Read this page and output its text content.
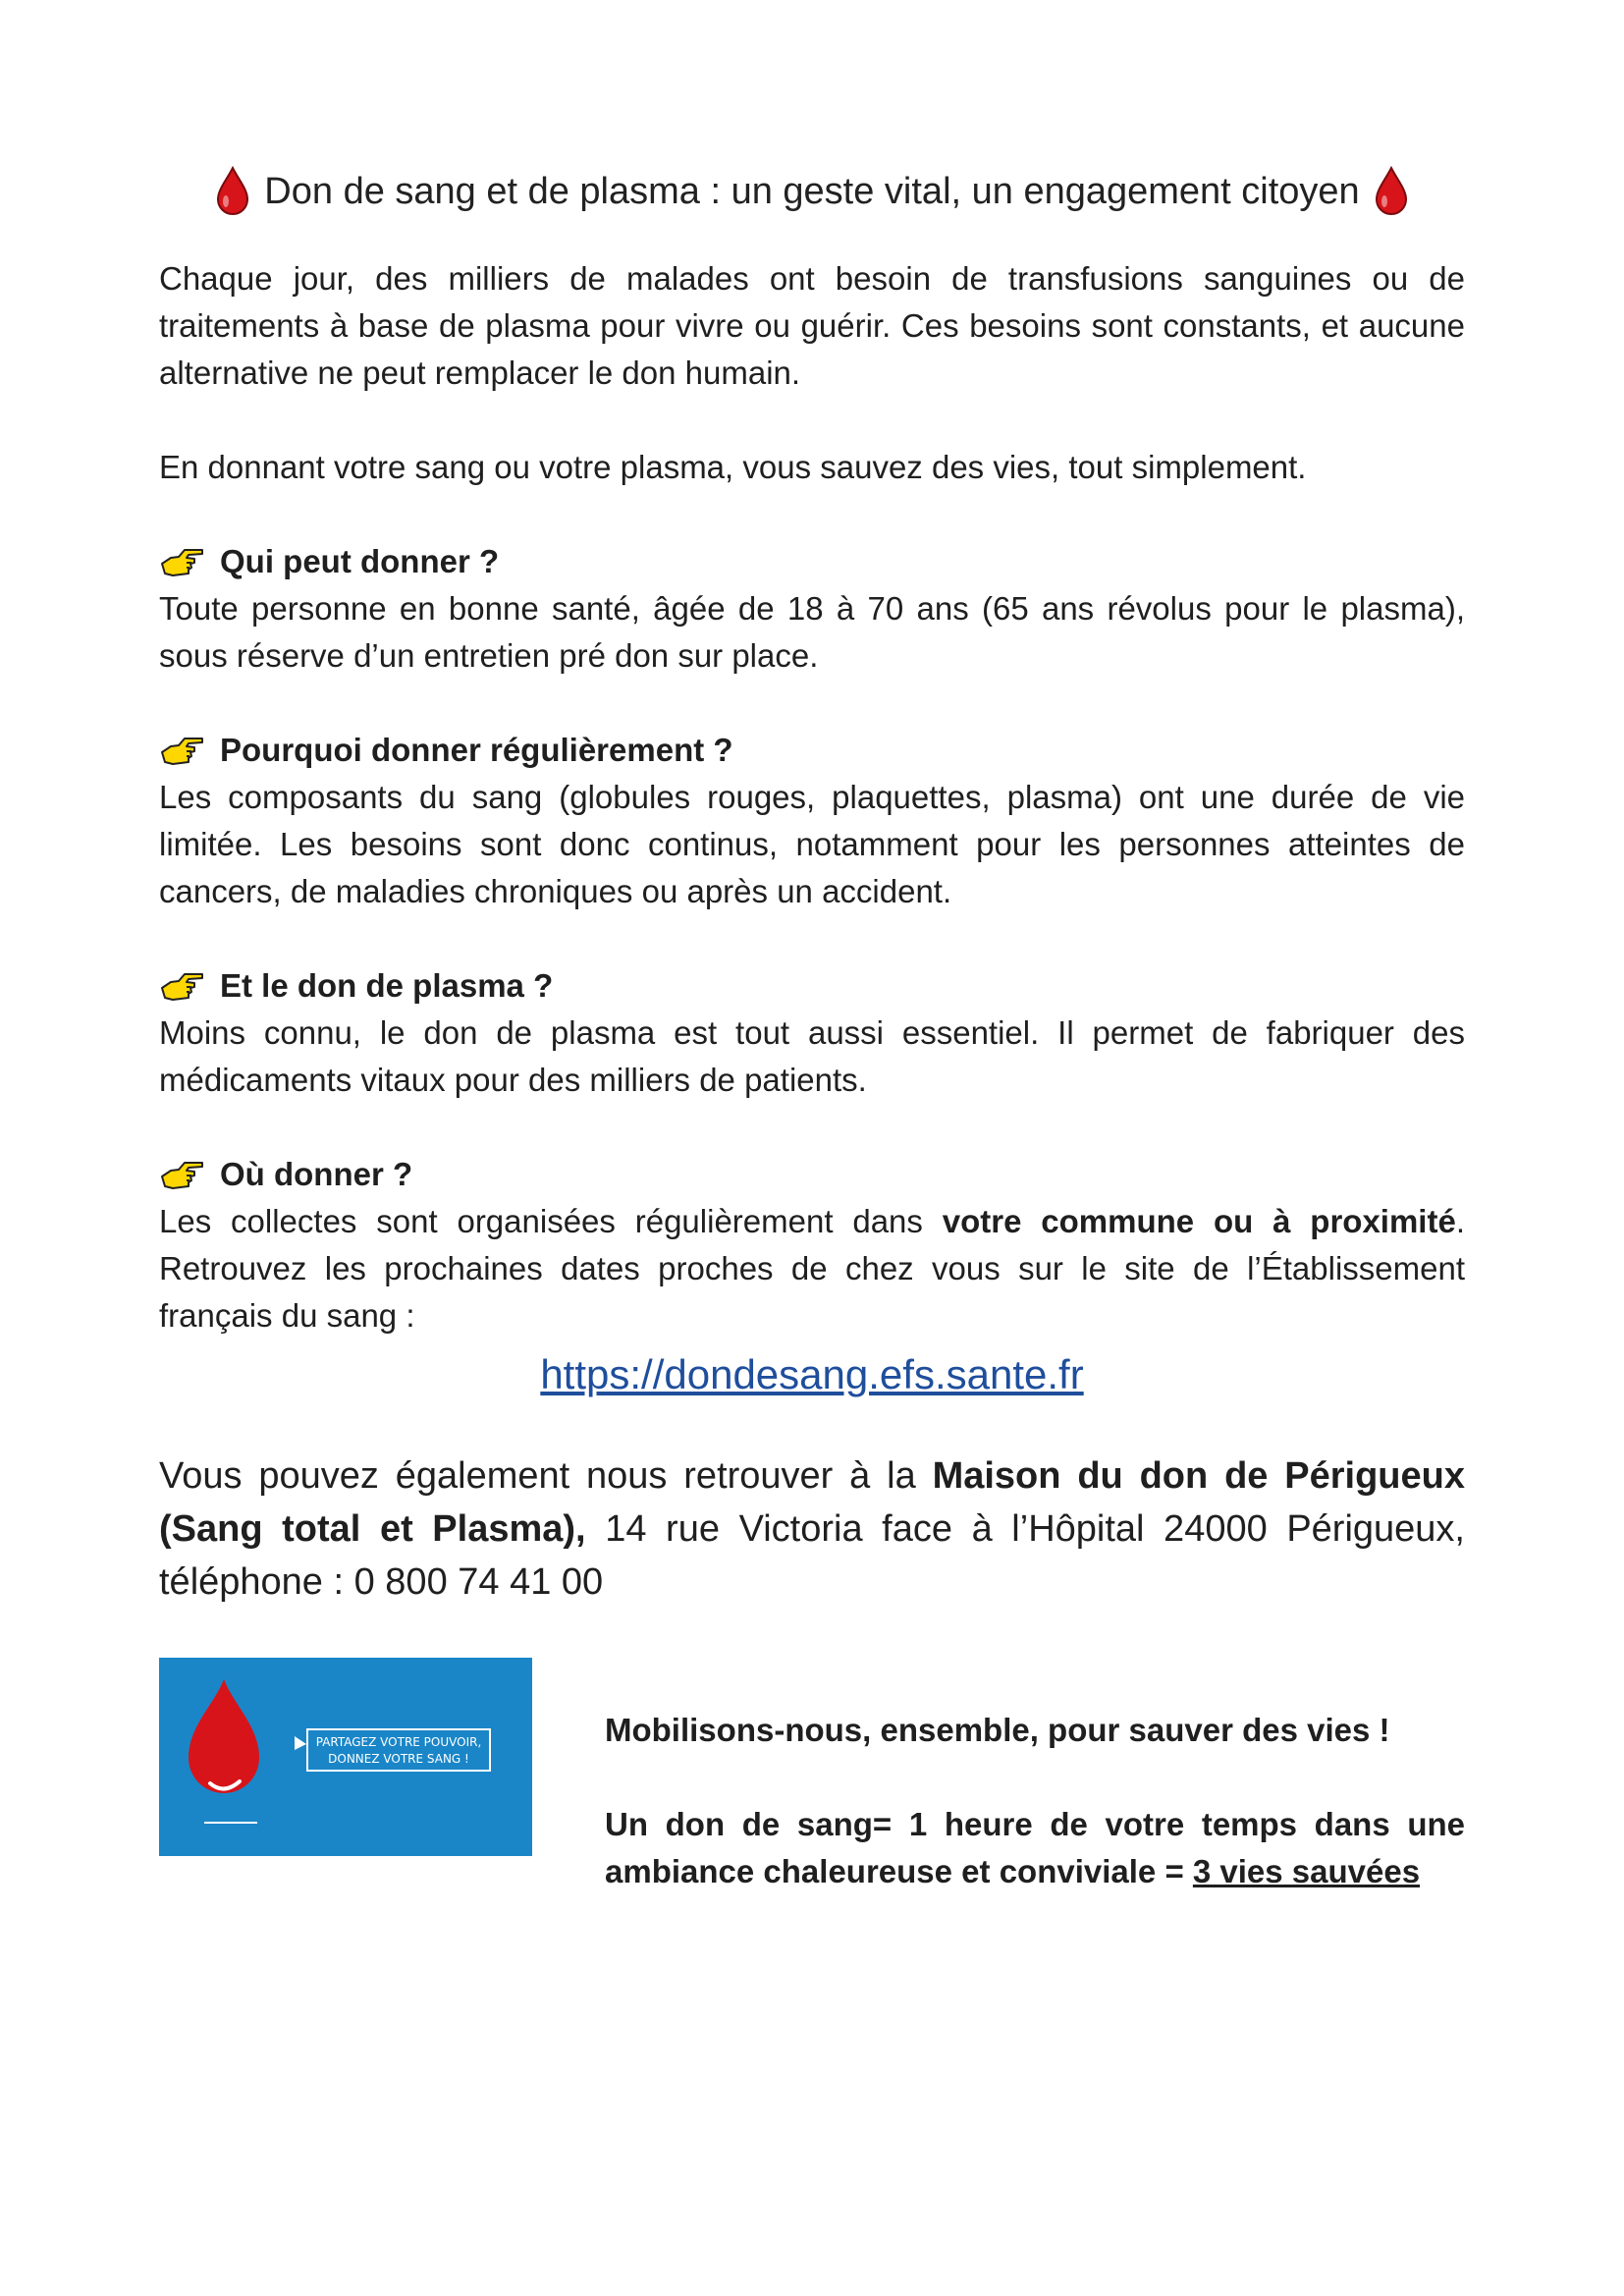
Don de sang et de plasma : un geste vital, un engagement citoyen

Chaque jour, des milliers de malades ont besoin de transfusions sanguines ou de traitements à base de plasma pour vivre ou guérir. Ces besoins sont constants, et aucune alternative ne peut remplacer le don humain.

En donnant votre sang ou votre plasma, vous sauvez des vies, tout simplement.

Qui peut donner ?

Toute personne en bonne santé, âgée de 18 à 70 ans (65 ans révolus pour le plasma), sous réserve d’un entretien pré don sur place.

Pourquoi donner régulièrement ?

Les composants du sang (globules rouges, plaquettes, plasma) ont une durée de vie limitée. Les besoins sont donc continus, notamment pour les personnes atteintes de cancers, de maladies chroniques ou après un accident.

Et le don de plasma ?

Moins connu, le don de plasma est tout aussi essentiel. Il permet de fabriquer des médicaments vitaux pour des milliers de patients.

Où donner ?

Les collectes sont organisées régulièrement dans votre commune ou à proximité. Retrouvez les prochaines dates proches de chez vous sur le site de l’Établissement français du sang :

https://dondesang.efs.sante.fr

Vous pouvez également nous retrouver à la Maison du don de Périgueux (Sang total et Plasma), 14 rue Victoria face à l’Hôpital 24000 Périgueux, téléphone : 0 800 74 41 00

PARTAGEZ VOTRE POUVOIR,
DONNEZ VOTRE SANG !
Mobilisons-nous, ensemble, pour sauver des vies !
Un don de sang= 1 heure de votre temps dans une ambiance chaleureuse et conviviale = 3 vies sauvées
